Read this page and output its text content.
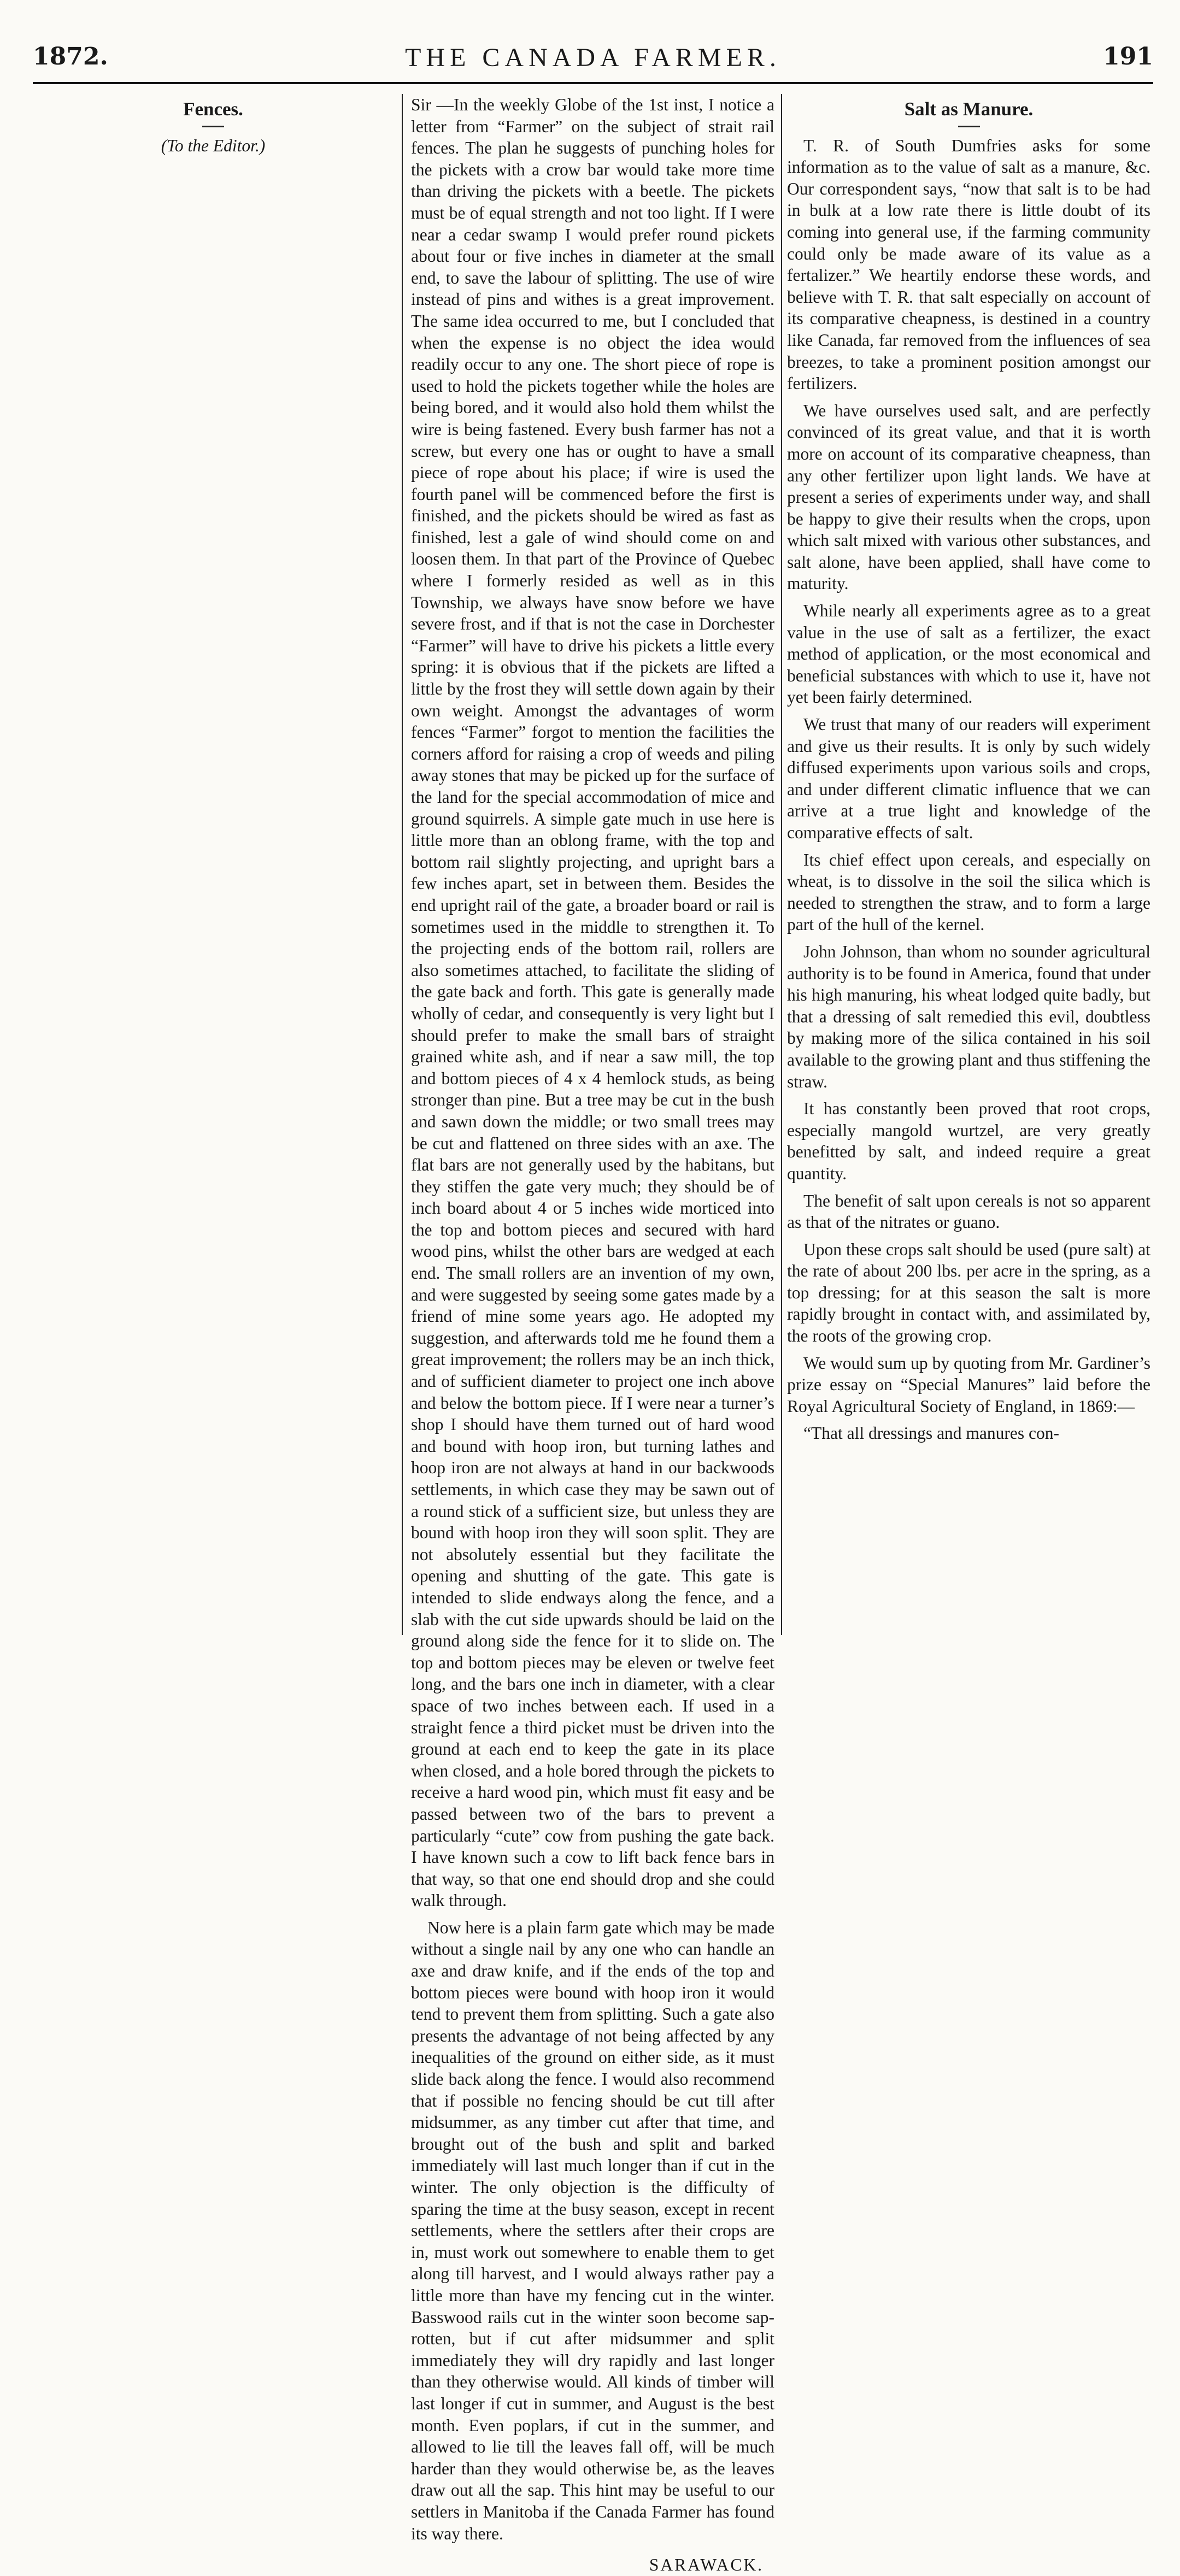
1872.	THE CANADA FARMER.	191
Fences.
(To the Editor.)

Sir —In the weekly Globe of the 1st inst, I notice a letter from “Farmer” on the subject of strait rail fences. The plan he suggests of punching holes for the pickets with a crow bar would take more time than driving the pickets with a beetle. The pickets must be of equal strength and not too light. If I were near a cedar swamp I would prefer round pickets about four or five inches in diameter at the small end, to save the labour of splitting. The use of wire instead of pins and withes is a great improvement. The same idea occurred to me, but I concluded that when the expense is no object the idea would readily occur to any one. The short piece of rope is used to hold the pickets together while the holes are being bored, and it would also hold them whilst the wire is being fastened. Every bush farmer has not a screw, but every one has or ought to have a small piece of rope about his place; if wire is used the fourth panel will be commenced before the first is finished, and the pickets should be wired as fast as finished, lest a gale of wind should come on and loosen them. In that part of the Province of Quebec where I formerly resided as well as in this Township, we always have snow before we have severe frost, and if that is not the case in Dorchester “Farmer” will have to drive his pickets a little every spring: it is obvious that if the pickets are lifted a little by the frost they will settle down again by their own weight. Amongst the advantages of worm fences “Farmer” forgot to mention the facilities the corners afford for raising a crop of weeds and piling away stones that may be picked up for the surface of the land for the special accommodation of mice and ground squirrels. A simple gate much in use here is little more than an oblong frame, with the top and bottom rail slightly projecting, and upright bars a few inches apart, set in between them. Besides the end upright rail of the gate, a broader board or rail is sometimes used in the middle to strengthen it. To the projecting ends of the bottom rail, rollers are also sometimes attached, to facilitate the sliding of the gate back and forth. This gate is generally made wholly of cedar, and consequently is very light but I should prefer to make the small bars of straight grained white ash, and if near a saw mill, the top and bottom pieces of 4 x 4 hemlock studs, as being stronger than pine. But a tree may be cut in the bush and sawn down the middle; or two small trees may be cut and flattened on three sides with an axe. The flat bars are not generally used by the habitans, but they stiffen the gate very much; they should be of inch board about 4 or 5 inches wide morticed into the top and bottom pieces and secured with hard wood pins, whilst the other bars are wedged at each end. The small rollers are an invention of my own, and were suggested by seeing some gates made by a friend of mine some years ago. He adopted my suggestion, and afterwards told me he found them a great improvement; the rollers may be an inch thick, and of sufficient diameter to project one inch above and below the bottom piece. If I were near a turner’s shop I should have them turned out of hard wood and bound with hoop iron, but turning lathes and hoop iron are not always at hand in our backwoods settlements, in which case they may be sawn out of a round stick of a sufficient size, but unless they are bound with hoop iron they will soon split. They are not absolutely essential but they facilitate the opening and shutting of the gate. This gate is intended to slide endways along the fence, and a slab with the cut side upwards should be laid on the ground along side the fence for it to slide on. The top and bottom pieces may be eleven or twelve feet long, and the bars one inch in diameter, with a clear space of two inches between each. If used in a straight fence a third picket must be driven into the ground at each end to keep the gate in its place when closed, and a hole bored through the pickets to receive a hard wood pin, which must fit easy and be passed between two of the bars to prevent a particularly “cute” cow from pushing the gate back. I have known such a cow to lift back fence bars in that way, so that one end should drop and she could walk through.

Now here is a plain farm gate which may be made without a single nail by any one who can handle an axe and draw knife, and if the ends of the top and bottom pieces were bound with hoop iron it would tend to prevent them from splitting. Such a gate also presents the advantage of not being affected by any inequalities of the ground on either side, as it must slide back along the fence. I would also recommend that if possible no fencing should be cut till after midsummer, as any timber cut after that time, and brought out of the bush and split and barked immediately will last much longer than if cut in the winter. The only objection is the difficulty of sparing the time at the busy season, except in recent settlements, where the settlers after their crops are in, must work out somewhere to enable them to get along till harvest, and I would always rather pay a little more than have my fencing cut in the winter. Basswood rails cut in the winter soon become sap-rotten, but if cut after midsummer and split immediately they will dry rapidly and last longer than they otherwise would. All kinds of timber will last longer if cut in summer, and August is the best month. Even poplars, if cut in the summer, and allowed to lie till the leaves fall off, will be much harder than they would otherwise be, as the leaves draw out all the sap. This hint may be useful to our settlers in Manitoba if the Canada Farmer has found its way there.

SARAWACK.
Salt as Manure.

T. R. of South Dumfries asks for some information as to the value of salt as a manure, &c. Our correspondent says, “now that salt is to be had in bulk at a low rate there is little doubt of its coming into general use, if the farming community could only be made aware of its value as a fertalizer.” We heartily endorse these words, and believe with T. R. that salt especially on account of its comparative cheapness, is destined in a country like Canada, far removed from the influences of sea breezes, to take a prominent position amongst our fertilizers.

We have ourselves used salt, and are perfectly convinced of its great value, and that it is worth more on account of its comparative cheapness, than any other fertilizer upon light lands. We have at present a series of experiments under way, and shall be happy to give their results when the crops, upon which salt mixed with various other substances, and salt alone, have been applied, shall have come to maturity.

While nearly all experiments agree as to a great value in the use of salt as a fertilizer, the exact method of application, or the most economical and beneficial substances with which to use it, have not yet been fairly determined.

We trust that many of our readers will experiment and give us their results. It is only by such widely diffused experiments upon various soils and crops, and under different climatic influence that we can arrive at a true light and knowledge of the comparative effects of salt.

Its chief effect upon cereals, and especially on wheat, is to dissolve in the soil the silica which is needed to strengthen the straw, and to form a large part of the hull of the kernel.

John Johnson, than whom no sounder agricultural authority is to be found in America, found that under his high manuring, his wheat lodged quite badly, but that a dressing of salt remedied this evil, doubtless by making more of the silica contained in his soil available to the growing plant and thus stiffening the straw.

It has constantly been proved that root crops, especially mangold wurtzel, are very greatly benefitted by salt, and indeed require a great quantity.

The benefit of salt upon cereals is not so apparent as that of the nitrates or guano.

Upon these crops salt should be used (pure salt) at the rate of about 200 lbs. per acre in the spring, as a top dressing; for at this season the salt is more rapidly brought in contact with, and assimilated by, the roots of the growing crop.

We would sum up by quoting from Mr. Gardiner’s prize essay on “Special Manures” laid before the Royal Agricultural Society of England, in 1869:—

“That all dressings and manures con-
